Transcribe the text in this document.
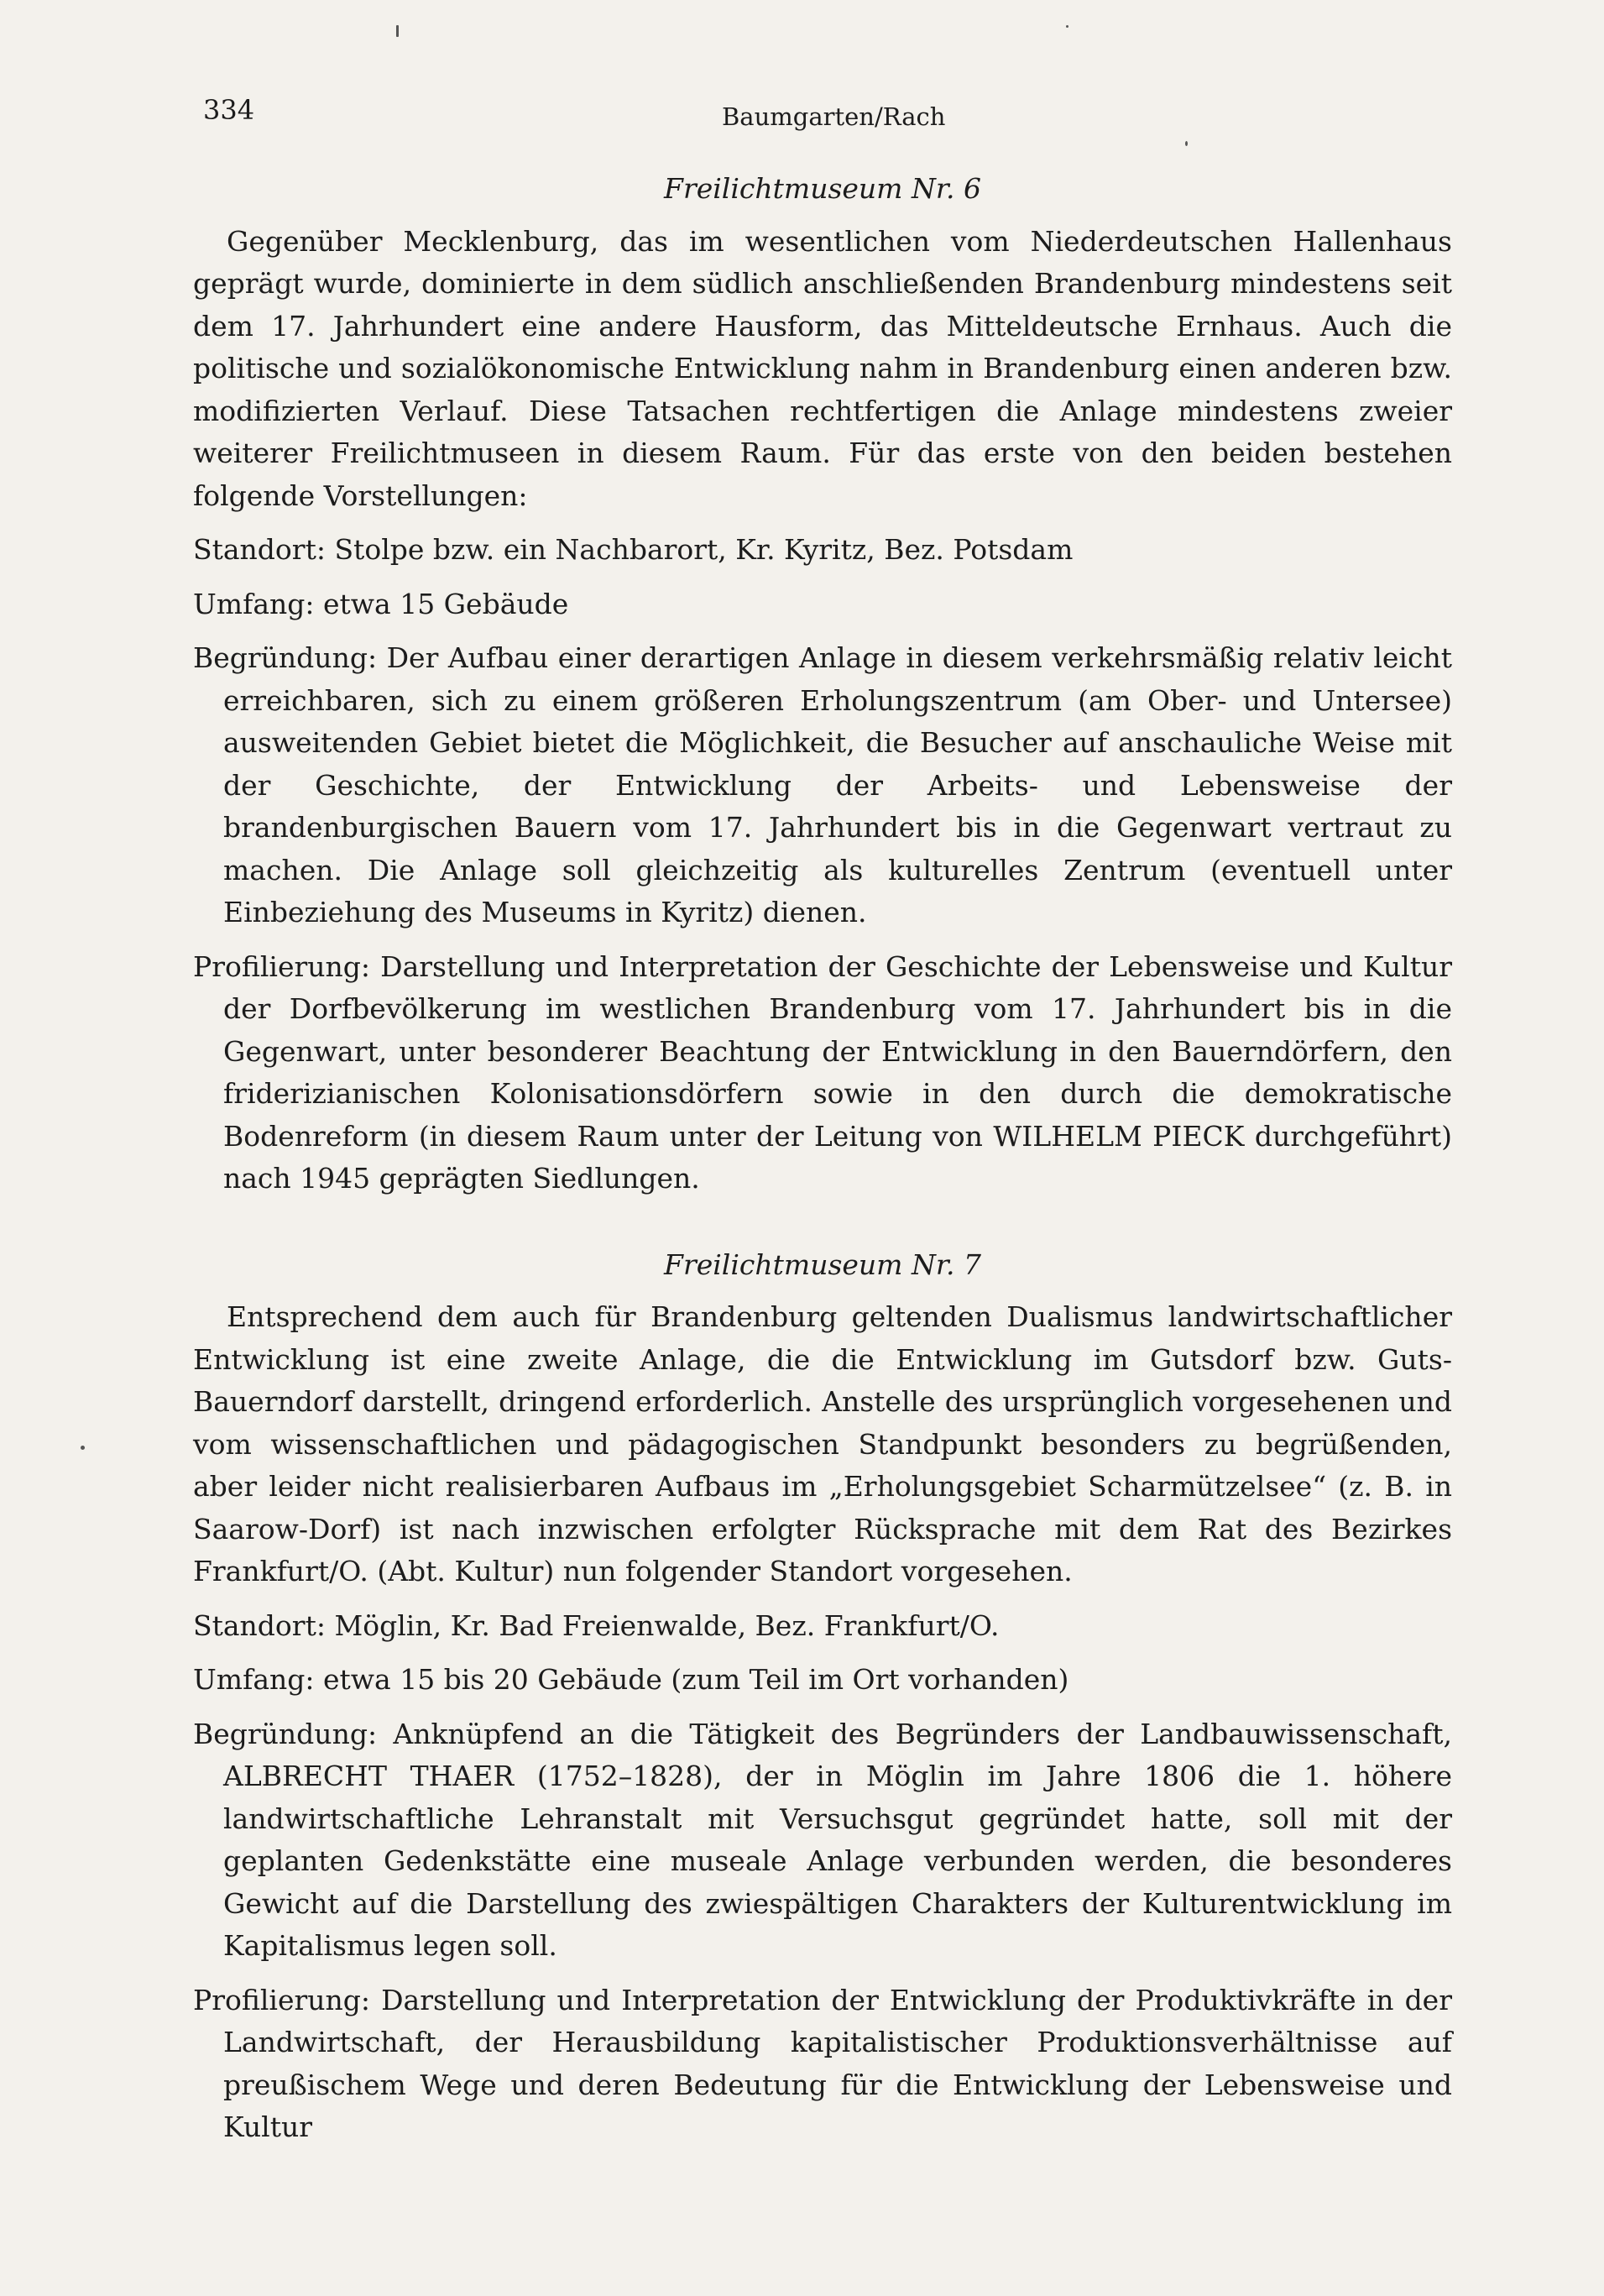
334	Baumgarten/Rach
Freilichtmuseum Nr. 6

Gegenüber Mecklenburg, das im wesentlichen vom Niederdeutschen Hallenhaus geprägt wurde, dominierte in dem südlich anschließenden Brandenburg mindestens seit dem 17. Jahrhundert eine andere Hausform, das Mitteldeutsche Ernhaus. Auch die politische und sozialökonomische Entwicklung nahm in Brandenburg einen anderen bzw. modifizierten Verlauf. Diese Tatsachen rechtfertigen die Anlage mindestens zweier weiterer Freilichtmuseen in diesem Raum. Für das erste von den beiden bestehen folgende Vorstellungen:

Standort: Stolpe bzw. ein Nachbarort, Kr. Kyritz, Bez. Potsdam

Umfang: etwa 15 Gebäude

Begründung: Der Aufbau einer derartigen Anlage in diesem verkehrsmäßig relativ leicht erreichbaren, sich zu einem größeren Erholungszentrum (am Ober- und Untersee) ausweitenden Gebiet bietet die Möglichkeit, die Besucher auf anschauliche Weise mit der Geschichte, der Entwicklung der Arbeits- und Lebensweise der brandenburgischen Bauern vom 17. Jahrhundert bis in die Gegenwart vertraut zu machen. Die Anlage soll gleichzeitig als kulturelles Zentrum (eventuell unter Einbeziehung des Museums in Kyritz) dienen.

Profilierung: Darstellung und Interpretation der Geschichte der Lebensweise und Kultur der Dorfbevölkerung im westlichen Brandenburg vom 17. Jahrhundert bis in die Gegenwart, unter besonderer Beachtung der Entwicklung in den Bauerndörfern, den friderizianischen Kolonisationsdörfern sowie in den durch die demokratische Bodenreform (in diesem Raum unter der Leitung von WILHELM PIECK durchgeführt) nach 1945 geprägten Siedlungen.

Freilichtmuseum Nr. 7

Entsprechend dem auch für Brandenburg geltenden Dualismus landwirtschaftlicher Entwicklung ist eine zweite Anlage, die die Entwicklung im Gutsdorf bzw. Guts-Bauerndorf darstellt, dringend erforderlich. Anstelle des ursprünglich vorgesehenen und vom wissenschaftlichen und pädagogischen Standpunkt besonders zu begrüßenden, aber leider nicht realisierbaren Aufbaus im „Erholungsgebiet Scharmützelsee“ (z. B. in Saarow-Dorf) ist nach inzwischen erfolgter Rücksprache mit dem Rat des Bezirkes Frankfurt/O. (Abt. Kultur) nun folgender Standort vorgesehen.

Standort: Möglin, Kr. Bad Freienwalde, Bez. Frankfurt/O.

Umfang: etwa 15 bis 20 Gebäude (zum Teil im Ort vorhanden)

Begründung: Anknüpfend an die Tätigkeit des Begründers der Landbauwissenschaft, ALBRECHT THAER (1752–1828), der in Möglin im Jahre 1806 die 1. höhere landwirtschaftliche Lehranstalt mit Versuchsgut gegründet hatte, soll mit der geplanten Gedenkstätte eine museale Anlage verbunden werden, die besonderes Gewicht auf die Darstellung des zwiespältigen Charakters der Kulturentwicklung im Kapitalismus legen soll.

Profilierung: Darstellung und Interpretation der Entwicklung der Produktivkräfte in der Landwirtschaft, der Herausbildung kapitalistischer Produktionsverhältnisse auf preußischem Wege und deren Bedeutung für die Entwicklung der Lebensweise und Kultur
